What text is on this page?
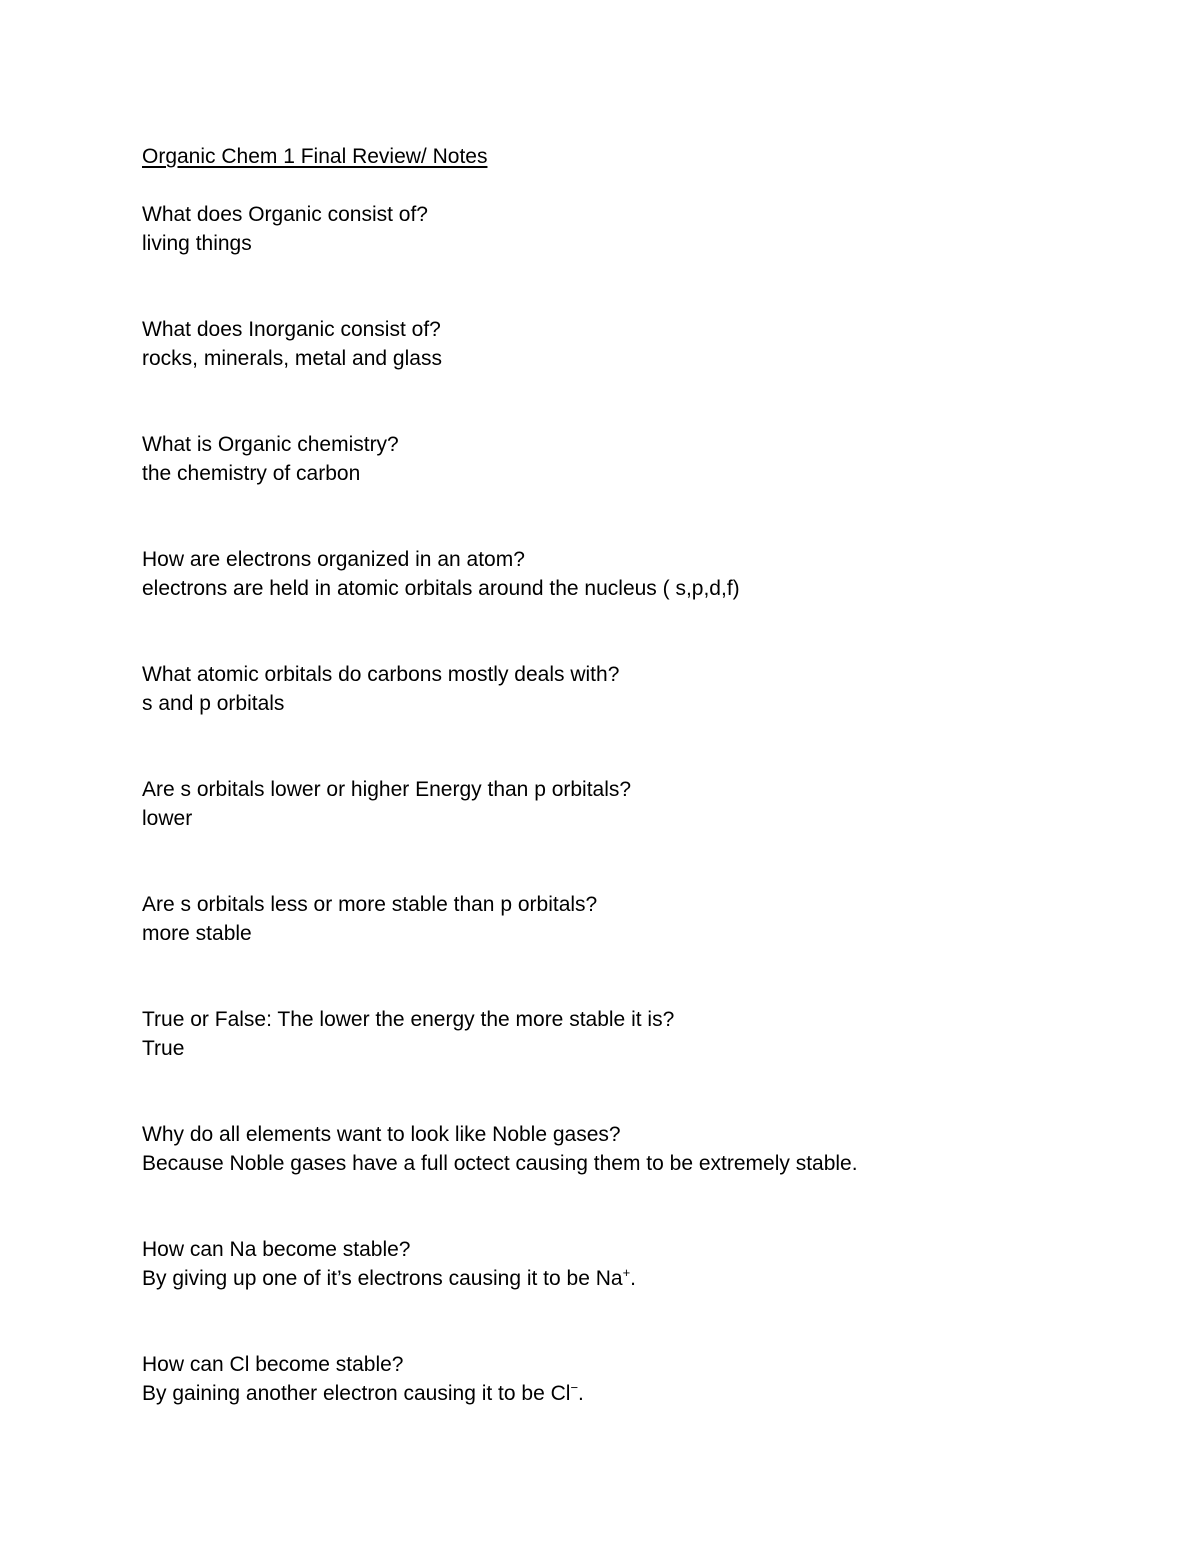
Organic Chem 1 Final Review/ Notes
What does Organic consist of?
living things
What does Inorganic consist of?
rocks, minerals, metal and glass
What is Organic chemistry?
the chemistry of carbon
How are electrons organized in an atom?
electrons are held in atomic orbitals around the nucleus ( s,p,d,f)
What atomic orbitals do carbons mostly deals with?
s and p orbitals
Are s orbitals lower or higher Energy than p orbitals?
lower
Are s orbitals less or more stable than p orbitals?
more stable
True or False: The lower the energy the more stable it is?
True
Why do all elements want to look like Noble gases?
Because Noble gases have a full octect causing them to be extremely stable.
How can Na become stable?
By giving up one of it’s electrons causing it to be Na+.
How can Cl become stable?
By gaining another electron causing it to be Cl−.
